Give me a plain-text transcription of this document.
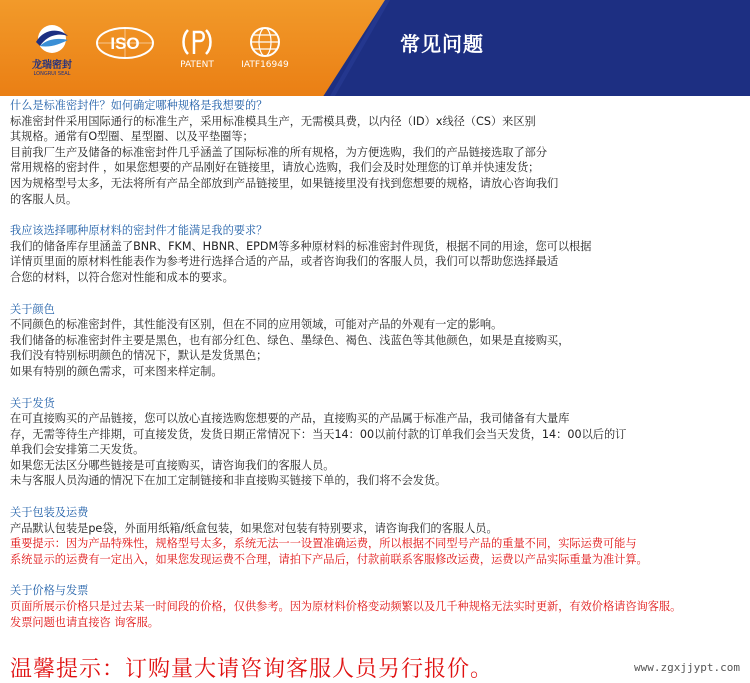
龙瑞密封
LONGRUI SEAL
ISO
PATENT	IATF16949
常见问题

什么是标准密封件？如何确定哪种规格是我想要的？

标准密封件采用国际通行的标准生产，采用标准模具生产，无需模具费，以内径（ID）x线径（CS）来区别

其规格。通常有O型圈、星型圈、以及平垫圈等；

目前我厂生产及储备的标准密封件几乎涵盖了国际标准的所有规格，为方便选购，我们的产品链接选取了部分

常用规格的密封件 ，如果您想要的产品刚好在链接里，请放心选购，我们会及时处理您的订单并快速发货；

因为规格型号太多，无法将所有产品全部放到产品链接里，如果链接里没有找到您想要的规格，请放心咨询我们

的客服人员。

我应该选择哪种原材料的密封件才能满足我的要求？

我们的储备库存里涵盖了BNR、FKM、HBNR、EPDM等多种原材料的标准密封件现货，根据不同的用途，您可以根据

详情页里面的原材料性能表作为参考进行选择合适的产品，或者咨询我们的客服人员，我们可以帮助您选择最适

合您的材料，以符合您对性能和成本的要求。

关于颜色

不同颜色的标准密封件，其性能没有区别，但在不同的应用领域，可能对产品的外观有一定的影响。

我们储备的标准密封件主要是黑色，也有部分红色、绿色、墨绿色、褐色、浅蓝色等其他颜色，如果是直接购买，

我们没有特别标明颜色的情况下，默认是发货黑色；

如果有特别的颜色需求，可来图来样定制。

关于发货

在可直接购买的产品链接，您可以放心直接选购您想要的产品，直接购买的产品属于标准产品，我司储备有大量库

存，无需等待生产排期，可直接发货，发货日期正常情况下：当天14：00以前付款的订单我们会当天发货，14：00以后的订

单我们会安排第二天发货。

如果您无法区分哪些链接是可直接购买，请咨询我们的客服人员。

未与客服人员沟通的情况下在加工定制链接和非直接购买链接下单的，我们将不会发货。

关于包装及运费

产品默认包装是pe袋，外面用纸箱/纸盒包装，如果您对包装有特别要求，请咨询我们的客服人员。

重要提示：因为产品特殊性，规格型号太多，系统无法一一设置准确运费，所以根据不同型号产品的重量不同，实际运费可能与

系统显示的运费有一定出入，如果您发现运费不合理，请拍下产品后，付款前联系客服修改运费，运费以产品实际重量为准计算。

关于价格与发票

页面所展示价格只是过去某一时间段的价格，仅供参考。因为原材料价格变动频繁以及几千种规格无法实时更新，有效价格请咨询客服。

发票问题也请直接咨 询客服。

温馨提示：订购量大请咨询客服人员另行报价。	www.zgxjjypt.com
